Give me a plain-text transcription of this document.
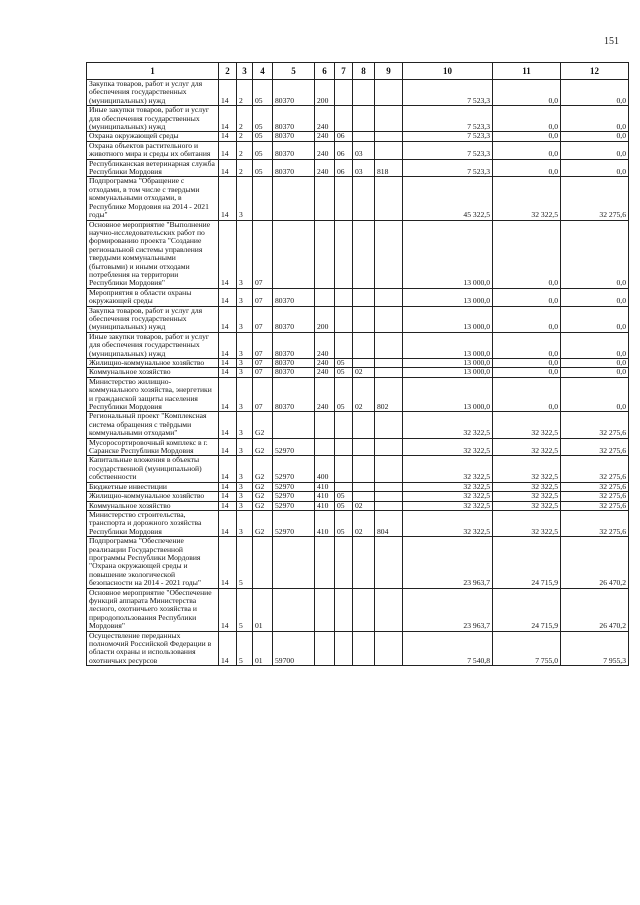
151
1	2	3	4	5	6	7	8	9	10	11	12
Закупка товаров, работ и услуг для обеспечения государственных (муниципальных) нужд	14	2	05	80370	200				7 523,3	0,0	0,0
Иные закупки товаров, работ и услуг для обеспечения государственных (муниципальных) нужд	14	2	05	80370	240				7 523,3	0,0	0,0
Охрана окружающей среды	14	2	05	80370	240	06			7 523,3	0,0	0,0
Охрана объектов растительного и животного мира и среды их обитания	14	2	05	80370	240	06	03		7 523,3	0,0	0,0
Республиканская ветеринарная служба Республики Мордовия	14	2	05	80370	240	06	03	818	7 523,3	0,0	0,0
Подпрограмма "Обращение с отходами, в том числе с твердыми коммунальными отходами, в Республике Мордовия на 2014 - 2021 годы"	14	3							45 322,5	32 322,5	32 275,6
Основное мероприятие "Выполнение научно-исследовательских работ по формированию проекта "Создание региональной системы управления твердыми коммунальными (бытовыми) и иными отходами потребления на территории Республики Мордовия"	14	3	07						13 000,0	0,0	0,0
Мероприятия в области охраны окружающей среды	14	3	07	80370					13 000,0	0,0	0,0
Закупка товаров, работ и услуг для обеспечения государственных (муниципальных) нужд	14	3	07	80370	200				13 000,0	0,0	0,0
Иные закупки товаров, работ и услуг для обеспечения государственных (муниципальных) нужд	14	3	07	80370	240				13 000,0	0,0	0,0
Жилищно-коммунальное хозяйство	14	3	07	80370	240	05			13 000,0	0,0	0,0
Коммунальное хозяйство	14	3	07	80370	240	05	02		13 000,0	0,0	0,0
Министерство жилищно-коммунального хозяйства, энергетики и гражданской защиты населения Республики Мордовия	14	3	07	80370	240	05	02	802	13 000,0	0,0	0,0
Региональный проект "Комплексная система обращения с твёрдыми коммунальными отходами"	14	3	G2						32 322,5	32 322,5	32 275,6
Мусоросортировочный комплекс в г. Саранске Республики Мордовия	14	3	G2	52970					32 322,5	32 322,5	32 275,6
Капитальные вложения в объекты государственной (муниципальной) собственности	14	3	G2	52970	400				32 322,5	32 322,5	32 275,6
Бюджетные инвестиции	14	3	G2	52970	410				32 322,5	32 322,5	32 275,6
Жилищно-коммунальное хозяйство	14	3	G2	52970	410	05			32 322,5	32 322,5	32 275,6
Коммунальное хозяйство	14	3	G2	52970	410	05	02		32 322,5	32 322,5	32 275,6
Министерство строительства, транспорта и дорожного хозяйства Республики Мордовия	14	3	G2	52970	410	05	02	804	32 322,5	32 322,5	32 275,6
Подпрограмма "Обеспечение реализации Государственной программы Республики Мордовия "Охрана окружающей среды и повышение экологической безопасности на 2014 - 2021 годы"	14	5							23 963,7	24 715,9	26 470,2
Основное мероприятие "Обеспечение функций аппарата Министерства лесного, охотничьего хозяйства и природопользования Республики Мордовия"	14	5	01						23 963,7	24 715,9	26 470,2
Осуществление переданных полномочий Российской Федерации в области охраны и использования охотничьих ресурсов	14	5	01	59700					7 540,8	7 755,0	7 955,3
